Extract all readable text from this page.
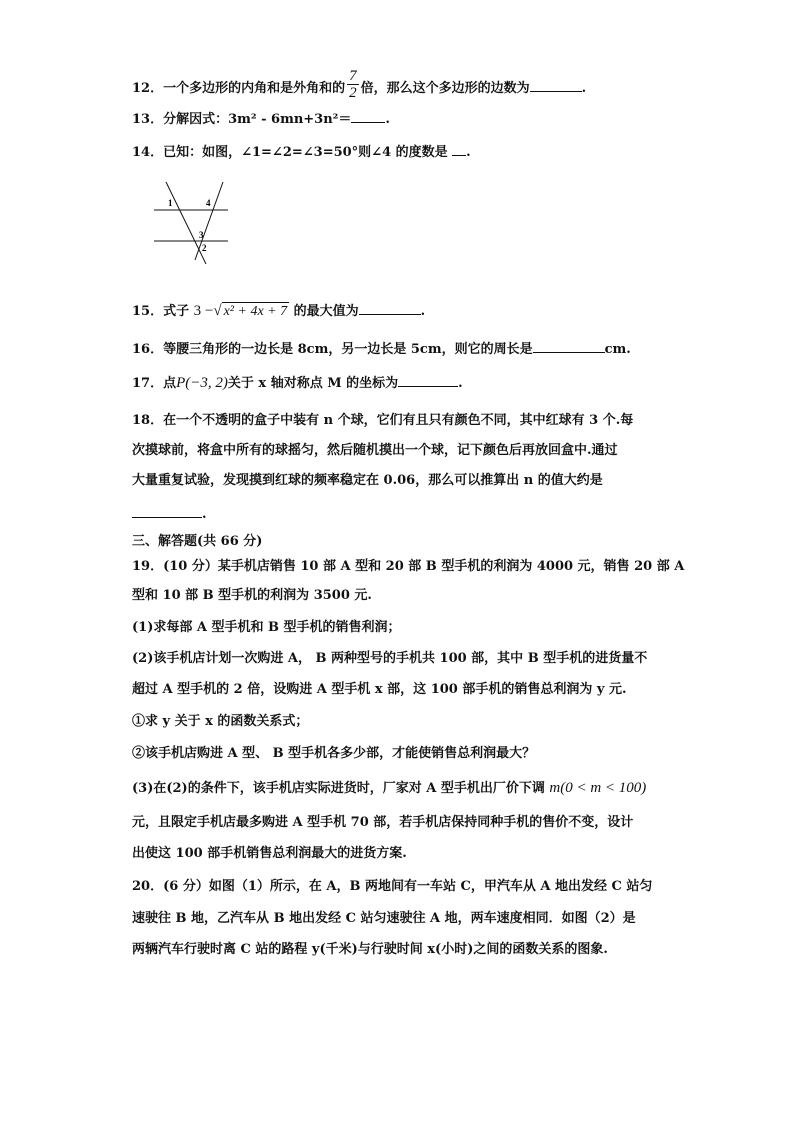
12．一个多边形的内角和是外角和的 $\frac{7}{2}$ 倍，那么这个多边形的边数为	.
13．分解因式：3m² - 6mn+3n²＝	.
14．已知：如图，∠1=∠2=∠3=50°则∠4 的度数是 .
1	4
3
2
15．式子 3 −√ x² + 4x + 7 的最大值为	.
16．等腰三角形的一边长是 8cm，另一边长是 5cm，则它的周长是	cm.
17．点P(−3, 2)关于 x 轴对称点 M 的坐标为	.
18．在一个不透明的盒子中装有 n 个球，它们有且只有颜色不同，其中红球有 3 个.每
次摸球前，将盒中所有的球摇匀，然后随机摸出一个球，记下颜色后再放回盒中.通过
大量重复试验，发现摸到红球的频率稳定在 0.06，那么可以推算出 n 的值大约是
.
三、解答题(共 66 分)
19．(10 分）某手机店销售 10 部 A 型和 20 部 B 型手机的利润为 4000 元，销售 20 部 A
型和 10 部 B 型手机的利润为 3500 元.
(1)求每部 A 型手机和 B 型手机的销售利润；
(2)该手机店计划一次购进 A， B 两种型号的手机共 100 部，其中 B 型手机的进货量不
超过 A 型手机的 2 倍，设购进 A 型手机 x 部，这 100 部手机的销售总利润为 y 元.
①求 y 关于 x 的函数关系式；
②该手机店购进 A 型、 B 型手机各多少部，才能使销售总利润最大？
(3)在(2)的条件下，该手机店实际进货时，厂家对 A 型手机出厂价下调 m(0 < m < 100)
元，且限定手机店最多购进 A 型手机 70 部，若手机店保持同种手机的售价不变，设计
出使这 100 部手机销售总利润最大的进货方案.
20．(6 分）如图（1）所示，在 A，B 两地间有一车站 C，甲汽车从 A 地出发经 C 站匀
速驶往 B 地，乙汽车从 B 地出发经 C 站匀速驶往 A 地，两车速度相同．如图（2）是
两辆汽车行驶时离 C 站的路程 y(千米)与行驶时间 x(小时)之间的函数关系的图象.
